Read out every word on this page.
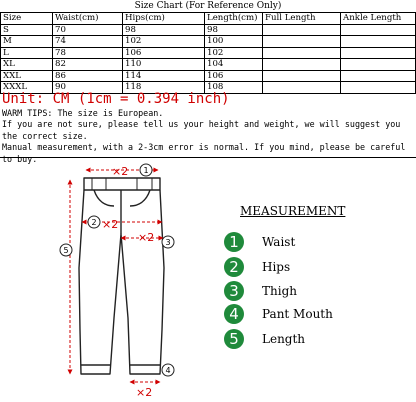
Size Chart (For Reference Only)
Size	Waist(cm)	Hips(cm)	Length(cm)	Full Length	Ankle Length
S	70	98	98		
M	74	102	100		
L	78	106	102		
XL	82	110	104		
XXL	86	114	106		
XXXL	90	118	108		
Unit: CM (1cm = 0.394 inch)

WARM TIPS: The size is European.

If you are not sure, please tell us your height and weight, we will suggest you the correct size.

Manual measurement, with a 2-3cm error is normal. If you mind, please be careful to buy.

×2
×2
×2
×2
1
2
3
4
5
MEASUREMENT
1 Waist
2 Hips
3 Thigh
4 Pant Mouth
5 Length
